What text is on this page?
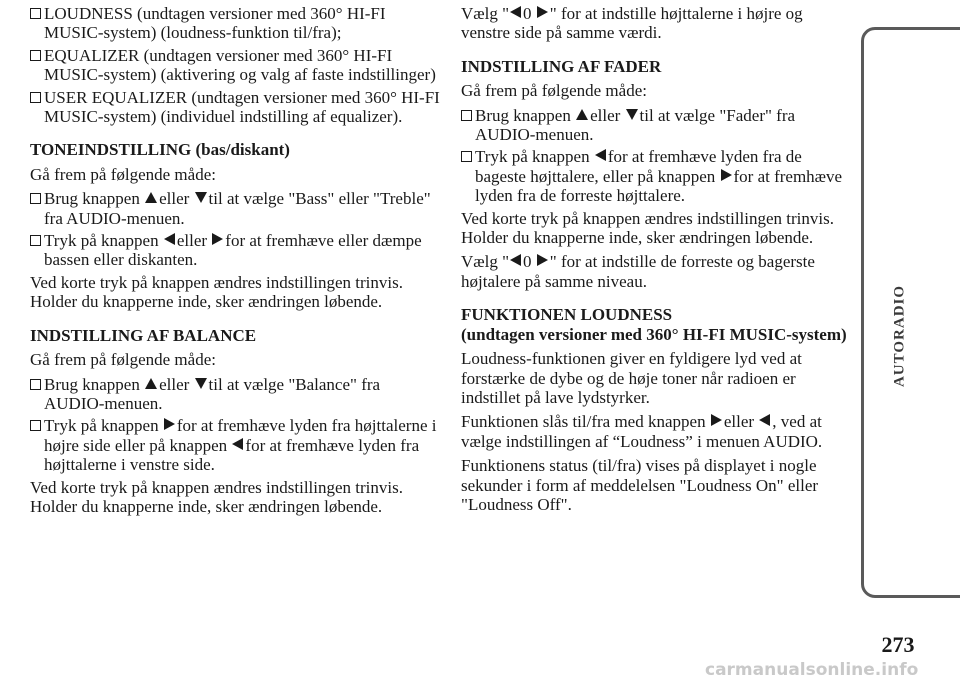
LOUDNESS (undtagen versioner med 360° HI-FI MUSIC-system) (loudness-funktion til/fra);
EQUALIZER (undtagen versioner med 360° HI-FI MUSIC-system) (aktivering og valg af faste indstillinger)
USER EQUALIZER (undtagen versioner med 360° HI-FI MUSIC-system) (individuel indstilling af equalizer).
TONEINDSTILLING (bas/diskant)
Gå frem på følgende måde:
Brug knappen eller til at vælge "Bass" eller "Treble" fra AUDIO-menuen.
Tryk på knappen eller for at fremhæve eller dæmpe bassen eller diskanten.
Ved korte tryk på knappen ændres indstillingen trinvis. Holder du knapperne inde, sker ændringen løbende.
INDSTILLING AF BALANCE
Gå frem på følgende måde:
Brug knappen eller til at vælge "Balance" fra AUDIO-menuen.
Tryk på knappen for at fremhæve lyden fra højttalerne i højre side eller på knappen for at fremhæve lyden fra højttalerne i venstre side.
Ved korte tryk på knappen ændres indstillingen trinvis. Holder du knapperne inde, sker ændringen løbende.
Vælg " 0 " for at indstille højttalerne i højre og venstre side på samme værdi.
INDSTILLING AF FADER
Gå frem på følgende måde:
Brug knappen eller til at vælge "Fader" fra AUDIO-menuen.
Tryk på knappen for at fremhæve lyden fra de bageste højttalere, eller på knappen for at fremhæve lyden fra de forreste højttalere.
Ved korte tryk på knappen ændres indstillingen trinvis. Holder du knapperne inde, sker ændringen løbende.
Vælg " 0 " for at indstille de forreste og bagerste højtalere på samme niveau.
FUNKTIONEN LOUDNESS
(undtagen versioner med 360° HI-FI MUSIC-system)
Loudness-funktionen giver en fyldigere lyd ved at forstærke de dybe og de høje toner når radioen er indstillet på lave lydstyrker.
Funktionen slås til/fra med knappen eller , ved at vælge indstillingen af “Loudness” i menuen AUDIO.
Funktionens status (til/fra) vises på displayet i nogle sekunder i form af meddelelsen "Loudness On" eller "Loudness Off".
AUTORADIO
273
carmanualsonline.info
